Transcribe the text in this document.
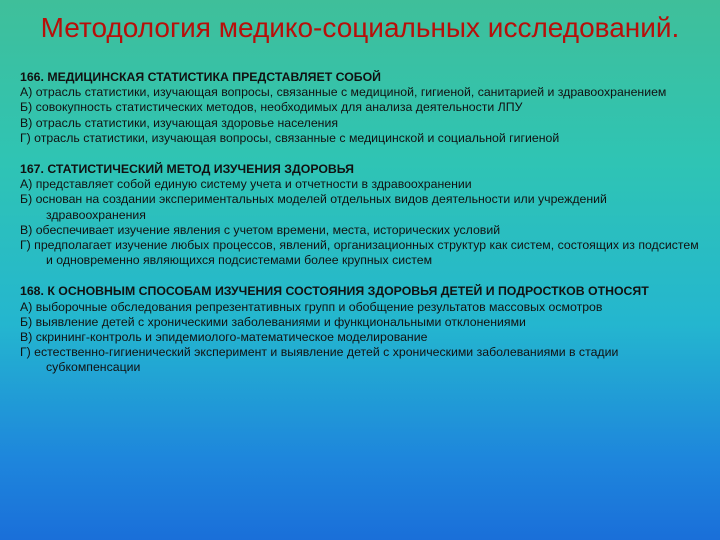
Методология медико-социальных исследований.
166. МЕДИЦИНСКАЯ СТАТИСТИКА ПРЕДСТАВЛЯЕТ СОБОЙ
А) отрасль статистики, изучающая вопросы, связанные с медициной, гигиеной, санитарией и здравоохранением
Б) совокупность статистических методов, необходимых для анализа деятельности ЛПУ
В) отрасль статистики, изучающая здоровье населения
Г) отрасль статистики, изучающая вопросы, связанные с медицинской и социальной гигиеной
167. СТАТИСТИЧЕСКИЙ МЕТОД ИЗУЧЕНИЯ ЗДОРОВЬЯ
А) представляет собой единую систему учета и отчетности в здравоохранении
Б) основан на создании экспериментальных моделей отдельных видов деятельности или учреждений здравоохранения
В) обеспечивает изучение явления с учетом времени, места, исторических условий
Г) предполагает изучение любых процессов, явлений, организационных структур как систем, состоящих из подсистем и одновременно являющихся подсистемами более крупных систем
168. К ОСНОВНЫМ СПОСОБАМ ИЗУЧЕНИЯ СОСТОЯНИЯ ЗДОРОВЬЯ ДЕТЕЙ И ПОДРОСТКОВ ОТНОСЯТ
А) выборочные обследования репрезентативных групп и обобщение результатов массовых осмотров
Б) выявление детей с хроническими заболеваниями и функциональными отклонениями
В) скрининг-контроль и эпидемиолого-математическое моделирование
Г) естественно-гигиенический эксперимент и выявление детей с хроническими заболеваниями в стадии субкомпенсации
